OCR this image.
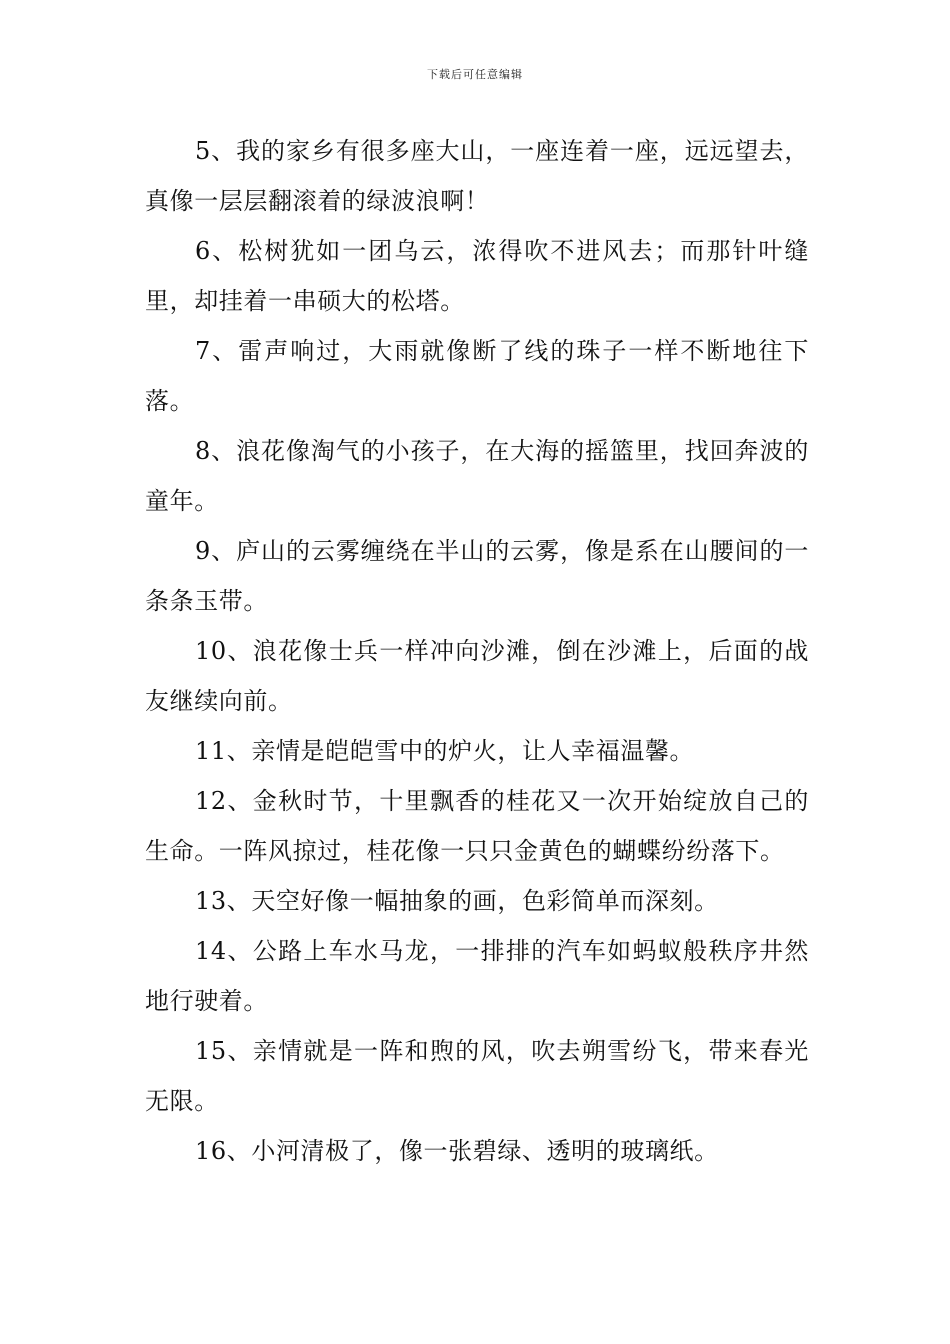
下载后可任意编辑

5、我的家乡有很多座大山，一座连着一座，远远望去，真像一层层翻滚着的绿波浪啊！

6、松树犹如一团乌云，浓得吹不进风去；而那针叶缝里，却挂着一串硕大的松塔。

7、雷声响过，大雨就像断了线的珠子一样不断地往下落。

8、浪花像淘气的小孩子，在大海的摇篮里，找回奔波的童年。

9、庐山的云雾缠绕在半山的云雾，像是系在山腰间的一条条玉带。

10、浪花像士兵一样冲向沙滩，倒在沙滩上，后面的战友继续向前。

11、亲情是皑皑雪中的炉火，让人幸福温馨。

12、金秋时节，十里飘香的桂花又一次开始绽放自己的生命。一阵风掠过，桂花像一只只金黄色的蝴蝶纷纷落下。

13、天空好像一幅抽象的画，色彩简单而深刻。

14、公路上车水马龙，一排排的汽车如蚂蚁般秩序井然地行驶着。

15、亲情就是一阵和煦的风，吹去朔雪纷飞，带来春光无限。

16、小河清极了，像一张碧绿、透明的玻璃纸。
